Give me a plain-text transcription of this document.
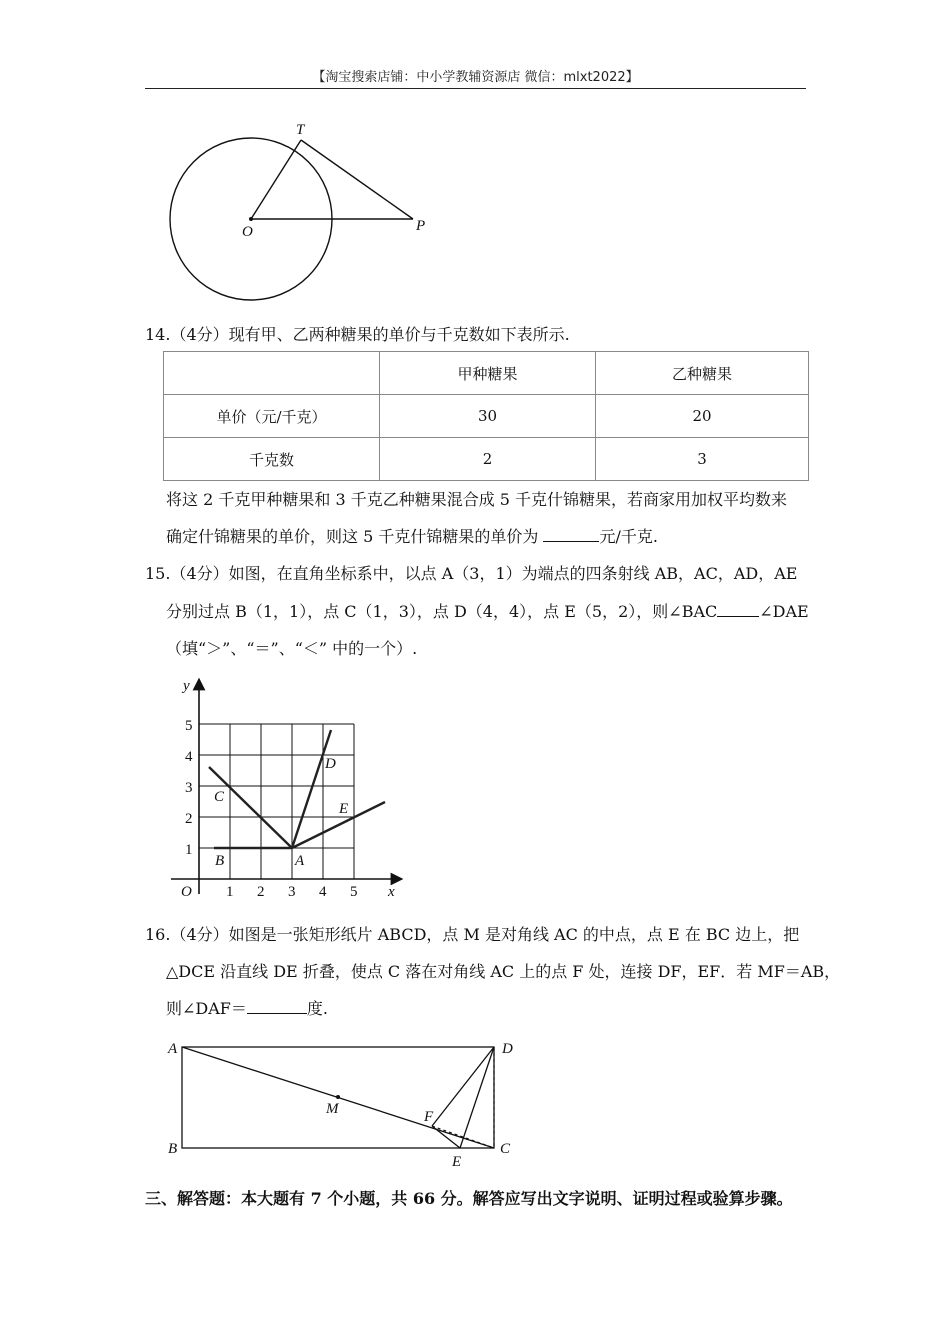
【淘宝搜索店铺：中小学教辅资源店 微信：mlxt2022】
T
O	P
14.（4分）现有甲、乙两种糖果的单价与千克数如下表所示.
	甲种糖果	乙种糖果
单价（元/千克）	30	20
千克数	2	3
将这 2 千克甲种糖果和 3 千克乙种糖果混合成 5 千克什锦糖果，若商家用加权平均数来
确定什锦糖果的单价，则这 5 千克什锦糖果的单价为	元/千克.
15.（4分）如图，在直角坐标系中，以点 A（3，1）为端点的四条射线 AB，AC，AD，AE
分别过点 B（1，1），点 C（1，3），点 D（4，4），点 E（5，2），则∠BAC	∠DAE
（填“＞”、“＝”、“＜” 中的一个）.
y
x
O 1 2 3 4 5
1
2
3
4
5
A
B
C
D
E
16.（4分）如图是一张矩形纸片 ABCD，点 M 是对角线 AC 的中点，点 E 在 BC 边上，把
△DCE 沿直线 DE 折叠，使点 C 落在对角线 AC 上的点 F 处，连接 DF，EF．若 MF＝AB，
则∠DAF＝	度.
A
B	C
D
E
F
M
三、解答题：本大题有 7 个小题，共 66 分。解答应写出文字说明、证明过程或验算步骤。
